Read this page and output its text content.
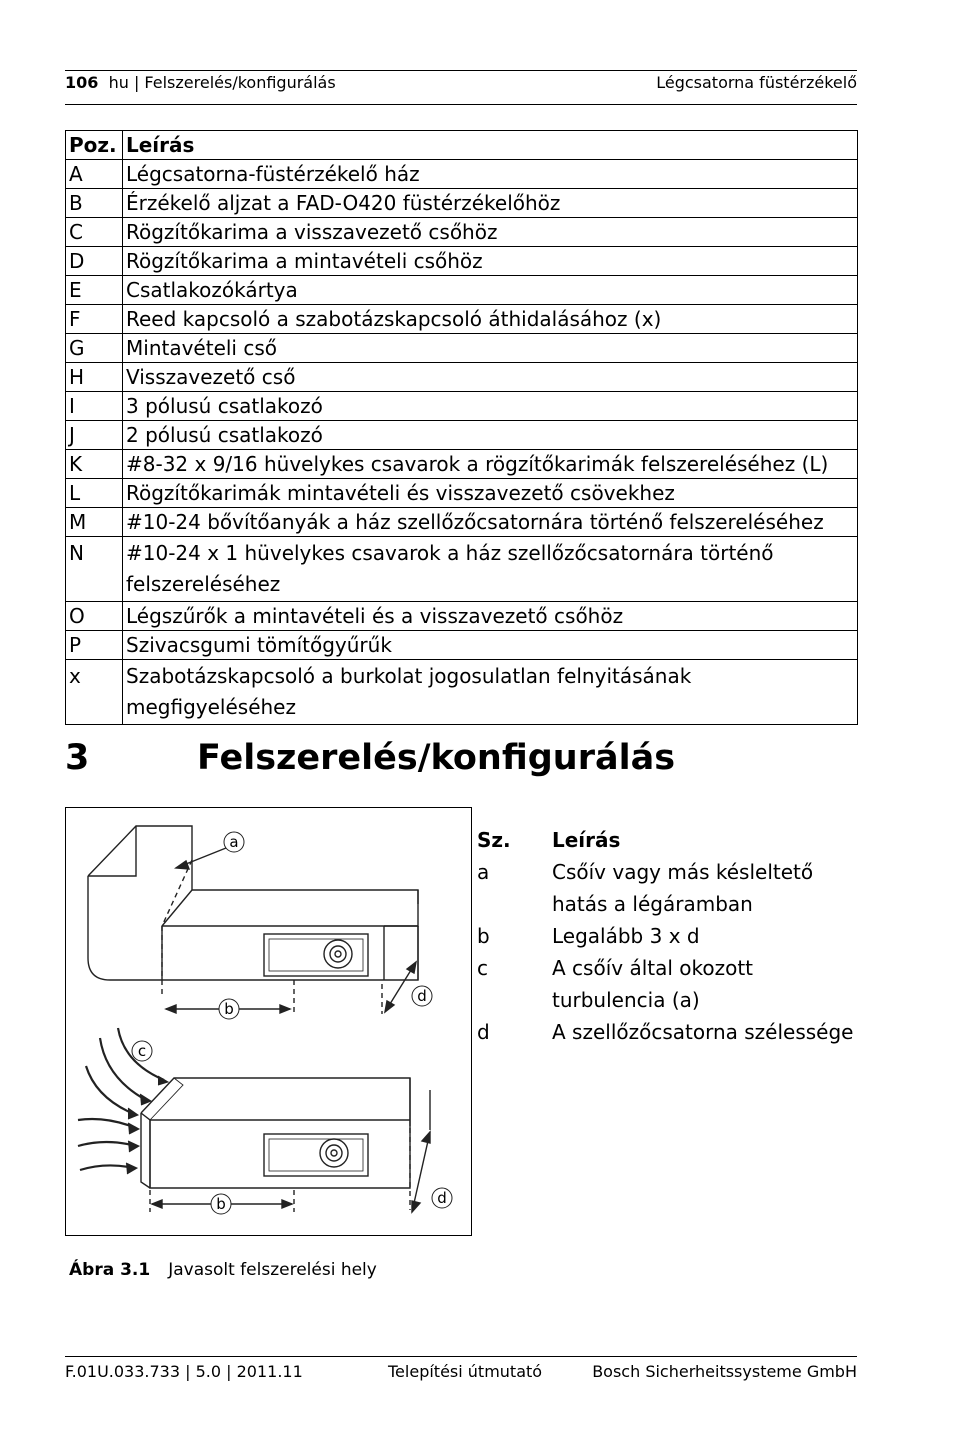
106 hu | Felszerelés/konfigurálás	Légcsatorna füstérzékelő
Poz.	Leírás
A	Légcsatorna-füstérzékelő ház
B	Érzékelő aljzat a FAD-O420 füstérzékelőhöz
C	Rögzítőkarima a visszavezető csőhöz
D	Rögzítőkarima a mintavételi csőhöz
E	Csatlakozókártya
F	Reed kapcsoló a szabotázskapcsoló áthidalásához (x)
G	Mintavételi cső
H	Visszavezető cső
I	3 pólusú csatlakozó
J	2 pólusú csatlakozó
K	#8-32 x 9/16 hüvelykes csavarok a rögzítőkarimák felszereléséhez (L)
L	Rögzítőkarimák mintavételi és visszavezető csövekhez
M	#10-24 bővítőanyák a ház szellőzőcsatornára történő felszereléséhez
N	#10-24 x 1 hüvelykes csavarok a ház szellőzőcsatornára történő felszereléséhez
O	Légszűrők a mintavételi és a visszavezető csőhöz
P	Szivacsgumi tömítőgyűrűk
x	Szabotázskapcsoló a burkolat jogosulatlan felnyitásának megfigyeléséhez
3	Felszerelés/konfigurálás
a
b
d
c
b	d
Sz. Leírás
a	Csőív vagy más késleltető hatás a légáramban
b	Legalább 3 x d
c	A csőív által okozott turbulencia (a)
d	A szellőzőcsatorna szélessége
Ábra 3.1 Javasolt felszerelési hely
F.01U.033.733 | 5.0 | 2011.11	Telepítési útmutató	Bosch Sicherheitssysteme GmbH
